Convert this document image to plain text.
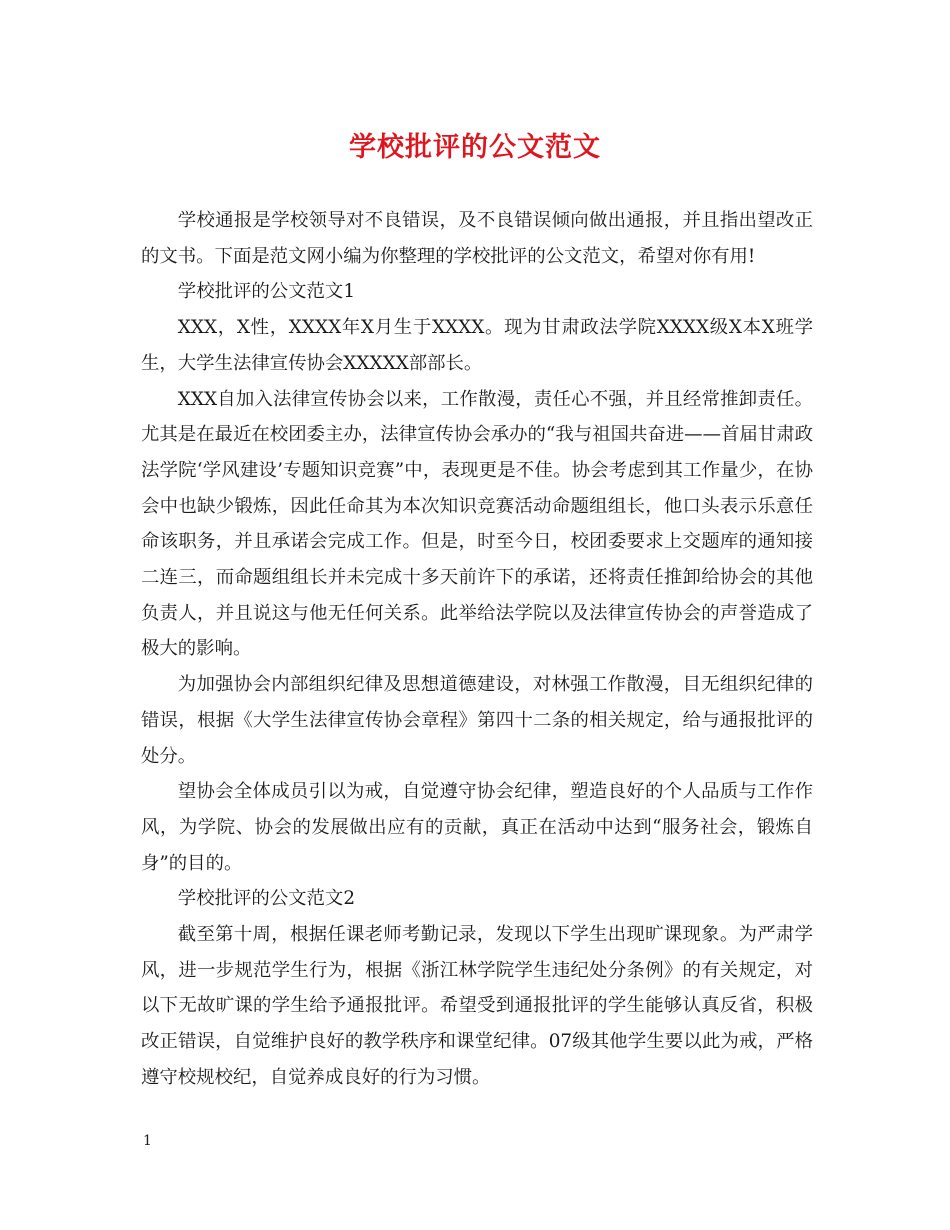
学校批评的公文范文

学校通报是学校领导对不良错误，及不良错误倾向做出通报，并且指出望改正的文书。下面是范文网小编为你整理的学校批评的公文范文，希望对你有用!

学校批评的公文范文1

XXX，X性，XXXX年X月生于XXXX。现为甘肃政法学院XXXX级X本X班学生，大学生法律宣传协会XXXXX部部长。

XXX自加入法律宣传协会以来，工作散漫，责任心不强，并且经常推卸责任。尤其是在最近在校团委主办，法律宣传协会承办的“我与祖国共奋进——首届甘肃政法学院‘学风建设’专题知识竞赛”中，表现更是不佳。协会考虑到其工作量少，在协会中也缺少锻炼，因此任命其为本次知识竞赛活动命题组组长，他口头表示乐意任命该职务，并且承诺会完成工作。但是，时至今日，校团委要求上交题库的通知接二连三，而命题组组长并未完成十多天前许下的承诺，还将责任推卸给协会的其他负责人，并且说这与他无任何关系。此举给法学院以及法律宣传协会的声誉造成了极大的影响。

为加强协会内部组织纪律及思想道德建设，对林强工作散漫，目无组织纪律的错误，根据《大学生法律宣传协会章程》第四十二条的相关规定，给与通报批评的处分。

望协会全体成员引以为戒，自觉遵守协会纪律，塑造良好的个人品质与工作作风，为学院、协会的发展做出应有的贡献，真正在活动中达到“服务社会，锻炼自身”的目的。

学校批评的公文范文2

截至第十周，根据任课老师考勤记录，发现以下学生出现旷课现象。为严肃学风，进一步规范学生行为，根据《浙江林学院学生违纪处分条例》的有关规定，对以下无故旷课的学生给予通报批评。希望受到通报批评的学生能够认真反省，积极改正错误，自觉维护良好的教学秩序和课堂纪律。07级其他学生要以此为戒，严格遵守校规校纪，自觉养成良好的行为习惯。

1
